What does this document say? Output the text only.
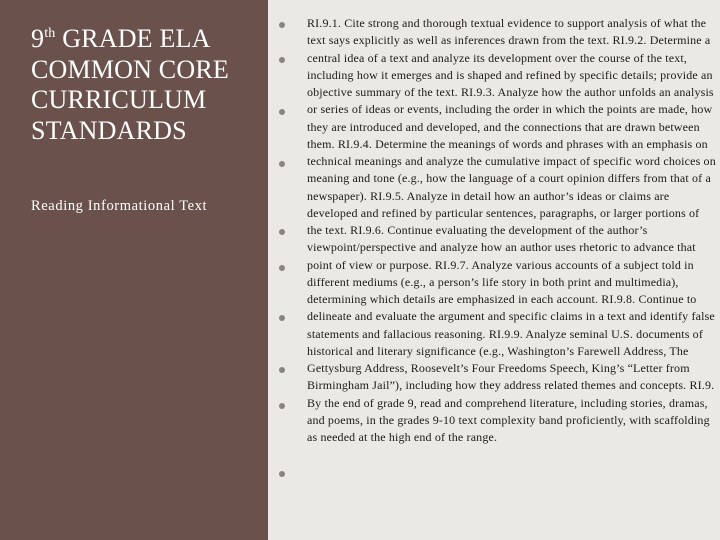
9th GRADE ELA COMMON CORE CURRICULUM STANDARDS

Reading Informational Text

RI.9.1. Cite strong and thorough textual evidence to support analysis of what the text says explicitly as well as inferences drawn from the text. RI.9.2. Determine a central idea of a text and analyze its development over the course of the text, including how it emerges and is shaped and refined by specific details; provide an objective summary of the text. RI.9.3. Analyze how the author unfolds an analysis or series of ideas or events, including the order in which the points are made, how they are introduced and developed, and the connections that are drawn between them. RI.9.4. Determine the meanings of words and phrases with an emphasis on technical meanings and analyze the cumulative impact of specific word choices on meaning and tone (e.g., how the language of a court opinion differs from that of a newspaper). RI.9.5. Analyze in detail how an author’s ideas or claims are developed and refined by particular sentences, paragraphs, or larger portions of the text. RI.9.6. Continue evaluating the development of the author’s viewpoint/perspective and analyze how an author uses rhetoric to advance that point of view or purpose. RI.9.7. Analyze various accounts of a subject told in different mediums (e.g., a person’s life story in both print and multimedia), determining which details are emphasized in each account. RI.9.8. Continue to delineate and evaluate the argument and specific claims in a text and identify false statements and fallacious reasoning. RI.9.9. Analyze seminal U.S. documents of historical and literary significance (e.g., Washington’s Farewell Address, The Gettysburg Address, Roosevelt’s Four Freedoms Speech, King’s “Letter from Birmingham Jail”), including how they address related themes and concepts. RI.9. By the end of grade 9, read and comprehend literature, including stories, dramas, and poems, in the grades 9-10 text complexity band proficiently, with scaffolding as needed at the high end of the range.
